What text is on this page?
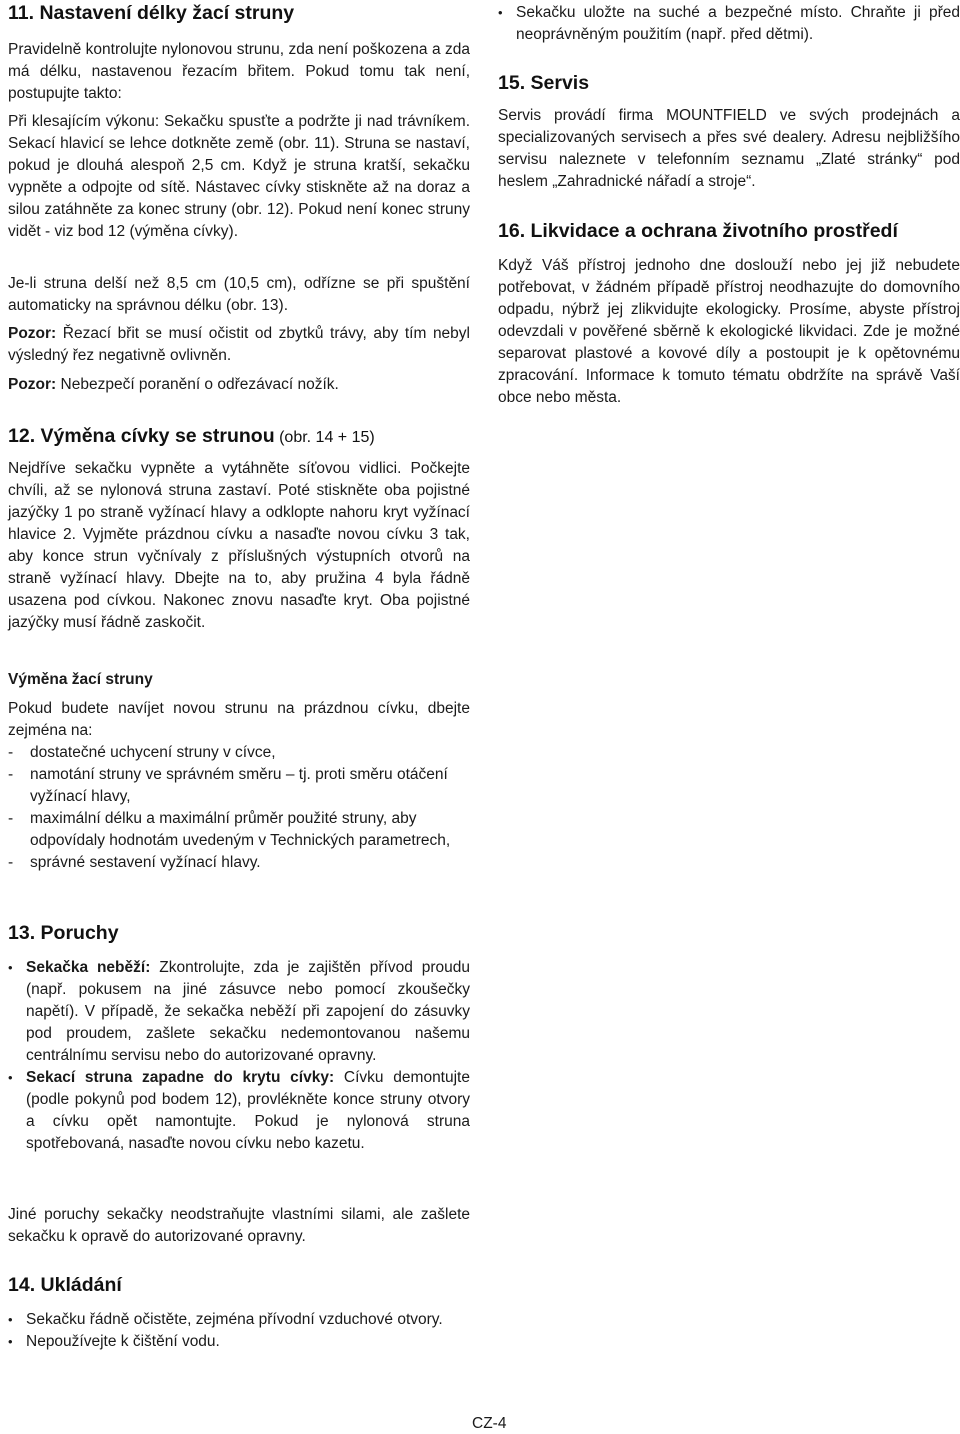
11. Nastavení délky žací struny

Pravidelně kontrolujte nylonovou strunu, zda není poškozena a zda má délku, nastavenou řezacím břitem. Pokud tomu tak není, postupujte takto:

Při klesajícím výkonu: Sekačku spusťte a podržte ji nad trávníkem. Sekací hlavicí se lehce dotkněte země (obr. 11). Struna se nastaví, pokud je dlouhá alespoň 2,5 cm. Když je struna kratší, sekačku vypněte a odpojte od sítě. Nástavec cívky stiskněte až na doraz a silou zatáhněte za konec struny (obr. 12). Pokud není konec struny vidět - viz bod 12 (výměna cívky).

Je-li struna delší než 8,5 cm (10,5 cm), odřízne se při spuštění automaticky na správnou délku (obr. 13).

Pozor: Řezací břit se musí očistit od zbytků trávy, aby tím nebyl výsledný řez negativně ovlivněn.

Pozor: Nebezpečí poranění o odřezávací nožík.

12. Výměna cívky se strunou (obr. 14 + 15)

Nejdříve sekačku vypněte a vytáhněte síťovou vidlici. Počkejte chvíli, až se nylonová struna zastaví. Poté stiskněte oba pojistné jazýčky 1 po straně vyžínací hlavy a odklopte nahoru kryt vyžínací hlavice 2. Vyjměte prázdnou cívku a nasaďte novou cívku 3 tak, aby konce strun vyčnívaly z příslušných výstupních otvorů na straně vyžínací hlavy. Dbejte na to, aby pružina 4 byla řádně usazena pod cívkou. Nakonec znovu nasaďte kryt. Oba pojistné jazýčky musí řádně zaskočit.

Výměna žací struny

Pokud budete navíjet novou strunu na prázdnou cívku, dbejte zejména na:

- dostatečné uchycení struny v cívce,
- namotání struny ve správném směru – tj. proti směru otáčení vyžínací hlavy,
- maximální délku a maximální průměr použité struny, aby odpovídaly hodnotám uvedeným v Technických parametrech,
- správné sestavení vyžínací hlavy.
13. Poruchy
• Sekačka neběží: Zkontrolujte, zda je zajištěn přívod proudu (např. pokusem na jiné zásuvce nebo pomocí zkoušečky napětí). V případě, že sekačka neběží při zapojení do zásuvky pod proudem, zašlete sekačku nedemontovanou našemu centrálnímu servisu nebo do autorizované opravny.
• Sekací struna zapadne do krytu cívky: Cívku demontujte (podle pokynů pod bodem 12), provlékněte konce struny otvory a cívku opět namontujte. Pokud je nylonová struna spotřebovaná, nasaďte novou cívku nebo kazetu.

Jiné poruchy sekačky neodstraňujte vlastními silami, ale zašlete sekačku k opravě do autorizované opravny.

14. Ukládání
• Sekačku řádně očistěte, zejména přívodní vzduchové otvory.
• Nepoužívejte k čištění vodu.
• Sekačku uložte na suché a bezpečné místo. Chraňte ji před neoprávněným použitím (např. před dětmi).
15. Servis

Servis provádí firma MOUNTFIELD ve svých prodejnách a specializovaných servisech a přes své dealery. Adresu nejbližšího servisu naleznete v telefonním seznamu „Zlaté stránky“ pod heslem „Zahradnické nářadí a stroje“.

16. Likvidace a ochrana životního prostředí

Když Váš přístroj jednoho dne doslouží nebo jej již nebudete potřebovat, v žádném případě přístroj neodhazujte do domovního odpadu, nýbrž jej zlikvidujte ekologicky. Prosíme, abyste přístroj odevzdali v pověřené sběrně k ekologické likvidaci. Zde je možné separovat plastové a kovové díly a postoupit je k opětovnému zpracování. Informace k tomuto tématu obdržíte na správě Vaší obce nebo města.

CZ-4
